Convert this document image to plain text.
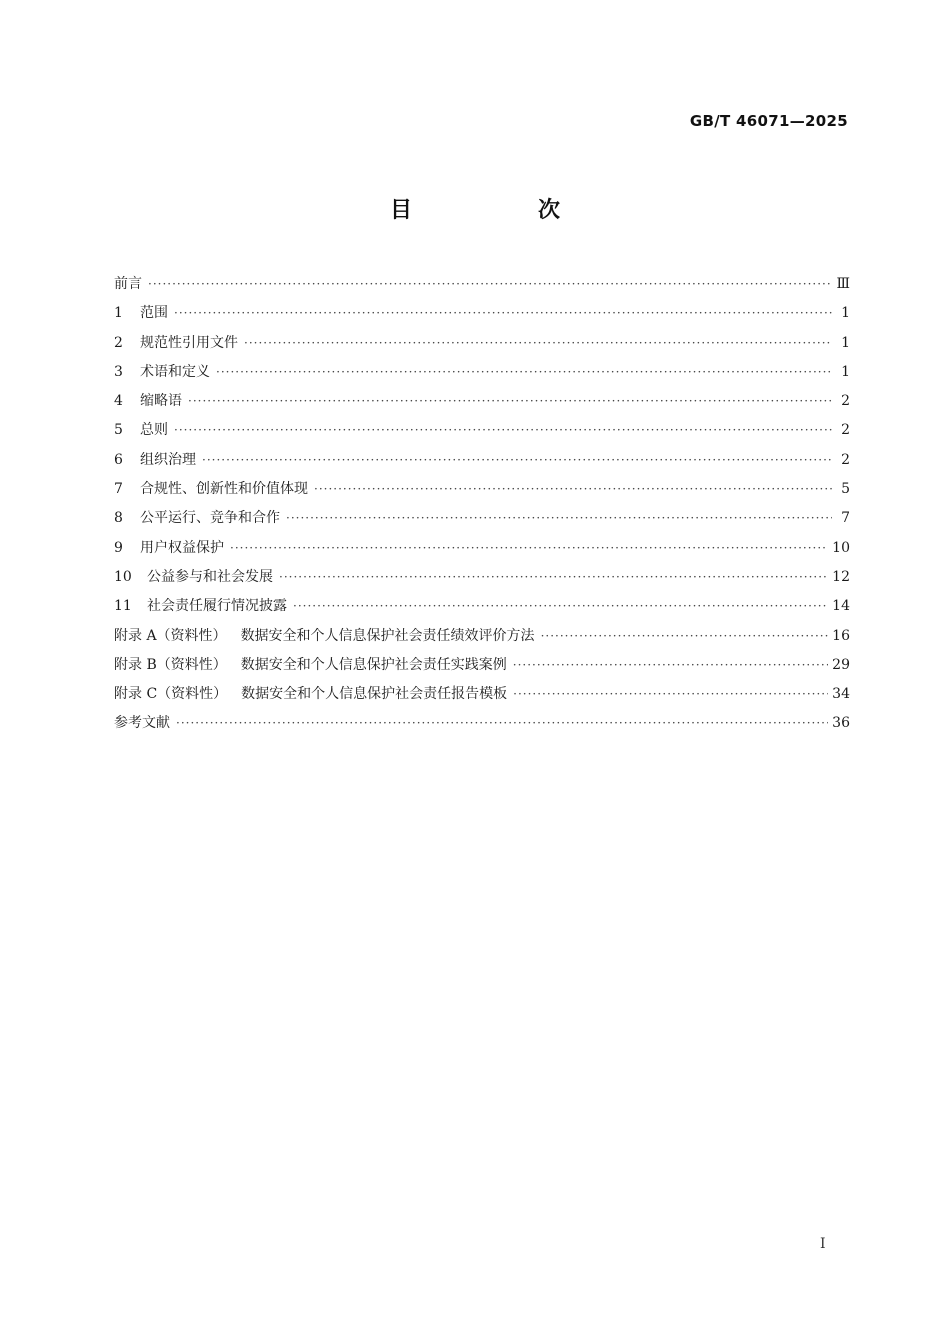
GB/T 46071—2025
目　次
前言 ·····	Ⅲ
1	范围 ·····	1
2	规范性引用文件 ·····	1
3	术语和定义 ·····	1
4	缩略语 ·····	2
5	总则 ·····	2
6	组织治理 ·····	2
7	合规性、创新性和价值体现 ·····	5
8	公平运行、竞争和合作 ·····	7
9	用户权益保护 ·····	10
10	公益参与和社会发展 ·····	12
11	社会责任履行情况披露 ·····	14
附录 A（资料性） 数据安全和个人信息保护社会责任绩效评价方法 ·····	16
附录 B（资料性） 数据安全和个人信息保护社会责任实践案例 ·····	29
附录 C（资料性） 数据安全和个人信息保护社会责任报告模板 ·····	34
参考文献 ·····	36
Ⅰ
